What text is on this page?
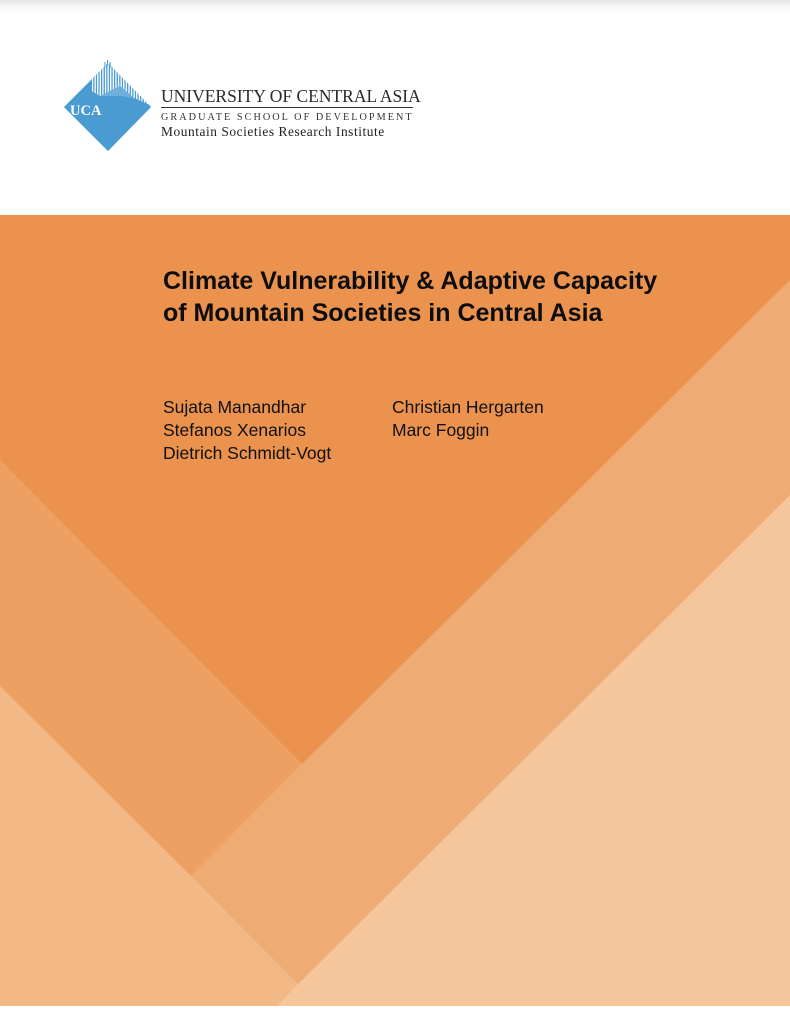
UCA
UNIVERSITY OF CENTRAL ASIA
GRADUATE SCHOOL OF DEVELOPMENT
Mountain Societies Research Institute
Climate Vulnerability & Adaptive Capacity
of Mountain Societies in Central Asia
Sujata Manandhar
Stefanos Xenarios
Dietrich Schmidt-Vogt
Christian Hergarten
Marc Foggin
